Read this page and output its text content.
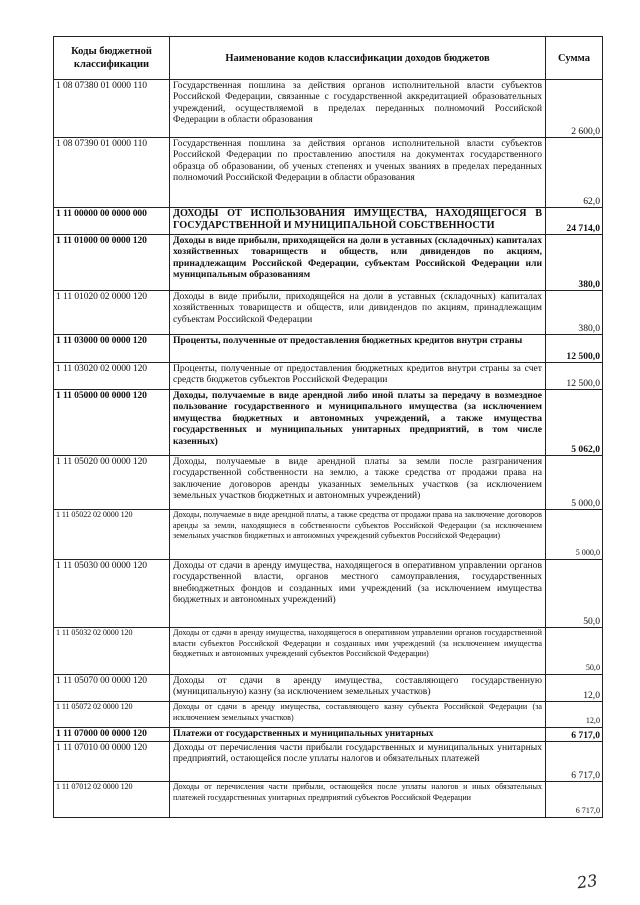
Коды бюджетной классификации	Наименование кодов классификации доходов бюджетов	Сумма
1 08 07380 01 0000 110	Государственная пошлина за действия органов исполнительной власти субъектов Российской Федерации, связанные с государственной аккредитацией образовательных учреждений, осуществляемой в пределах переданных полномочий Российской Федерации в области образования	2 600,0
1 08 07390 01 0000 110	Государственная пошлина за действия органов исполнительной власти субъектов Российской Федерации по проставлению апостиля на документах государственного образца об образовании, об ученых степенях и ученых званиях в пределах переданных полномочий Российской Федерации в области образования	62,0
1 11 00000 00 0000 000	ДОХОДЫ ОТ ИСПОЛЬЗОВАНИЯ ИМУЩЕСТВА, НАХОДЯЩЕГОСЯ В ГОСУДАРСТВЕННОЙ И МУНИЦИПАЛЬНОЙ СОБСТВЕННОСТИ	24 714,0
1 11 01000 00 0000 120	Доходы в виде прибыли, приходящейся на доли в уставных (складочных) капиталах хозяйственных товариществ и обществ, или дивидендов по акциям, принадлежащим Российской Федерации, субъектам Российской Федерации или муниципальным образованиям	380,0
1 11 01020 02 0000 120	Доходы в виде прибыли, приходящейся на доли в уставных (складочных) капиталах хозяйственных товариществ и обществ, или дивидендов по акциям, принадлежащим субъектам Российской Федерации	380,0
1 11 03000 00 0000 120	Проценты, полученные от предоставления бюджетных кредитов внутри страны	12 500,0
1 11 03020 02 0000 120	Проценты, полученные от предоставления бюджетных кредитов внутри страны за счет средств бюджетов субъектов Российской Федерации	12 500,0
1 11 05000 00 0000 120	Доходы, получаемые в виде арендной либо иной платы за передачу в возмездное пользование государственного и муниципального имущества (за исключением имущества бюджетных и автономных учреждений, а также имущества государственных и муниципальных унитарных предприятий, в том числе казенных)	5 062,0
1 11 05020 00 0000 120	Доходы, получаемые в виде арендной платы за земли после разграничения государственной собственности на землю, а также средства от продажи права на заключение договоров аренды указанных земельных участков (за исключением земельных участков бюджетных и автономных учреждений)	5 000,0
1 11 05022 02 0000 120	Доходы, получаемые в виде арендной платы, а также средства от продажи права на заключение договоров аренды за земли, находящиеся в собственности субъектов Российской Федерации (за исключением земельных участков бюджетных и автономных учреждений субъектов Российской Федерации)	5 000,0
1 11 05030 00 0000 120	Доходы от сдачи в аренду имущества, находящегося в оперативном управлении органов государственной власти, органов местного самоуправления, государственных внебюджетных фондов и созданных ими учреждений (за исключением имущества бюджетных и автономных учреждений)	50,0
1 11 05032 02 0000 120	Доходы от сдачи в аренду имущества, находящегося в оперативном управлении органов государственной власти субъектов Российской Федерации и созданных ими учреждений (за исключением имущества бюджетных и автономных учреждений субъектов Российской Федерации)	50,0
1 11 05070 00 0000 120	Доходы от сдачи в аренду имущества, составляющего государственную (муниципальную) казну (за исключением земельных участков)	12,0
1 11 05072 02 0000 120	Доходы от сдачи в аренду имущества, составляющего казну субъекта Российской Федерации (за исключением земельных участков)	12,0
1 11 07000 00 0000 120	Платежи от государственных и муниципальных унитарных	6 717,0
1 11 07010 00 0000 120	Доходы от перечисления части прибыли государственных и муниципальных унитарных предприятий, остающейся после уплаты налогов и обязательных платежей	6 717,0
1 11 07012 02 0000 120	Доходы от перечисления части прибыли, остающейся после уплаты налогов и иных обязательных платежей государственных унитарных предприятий субъектов Российской Федерации	6 717,0
23
